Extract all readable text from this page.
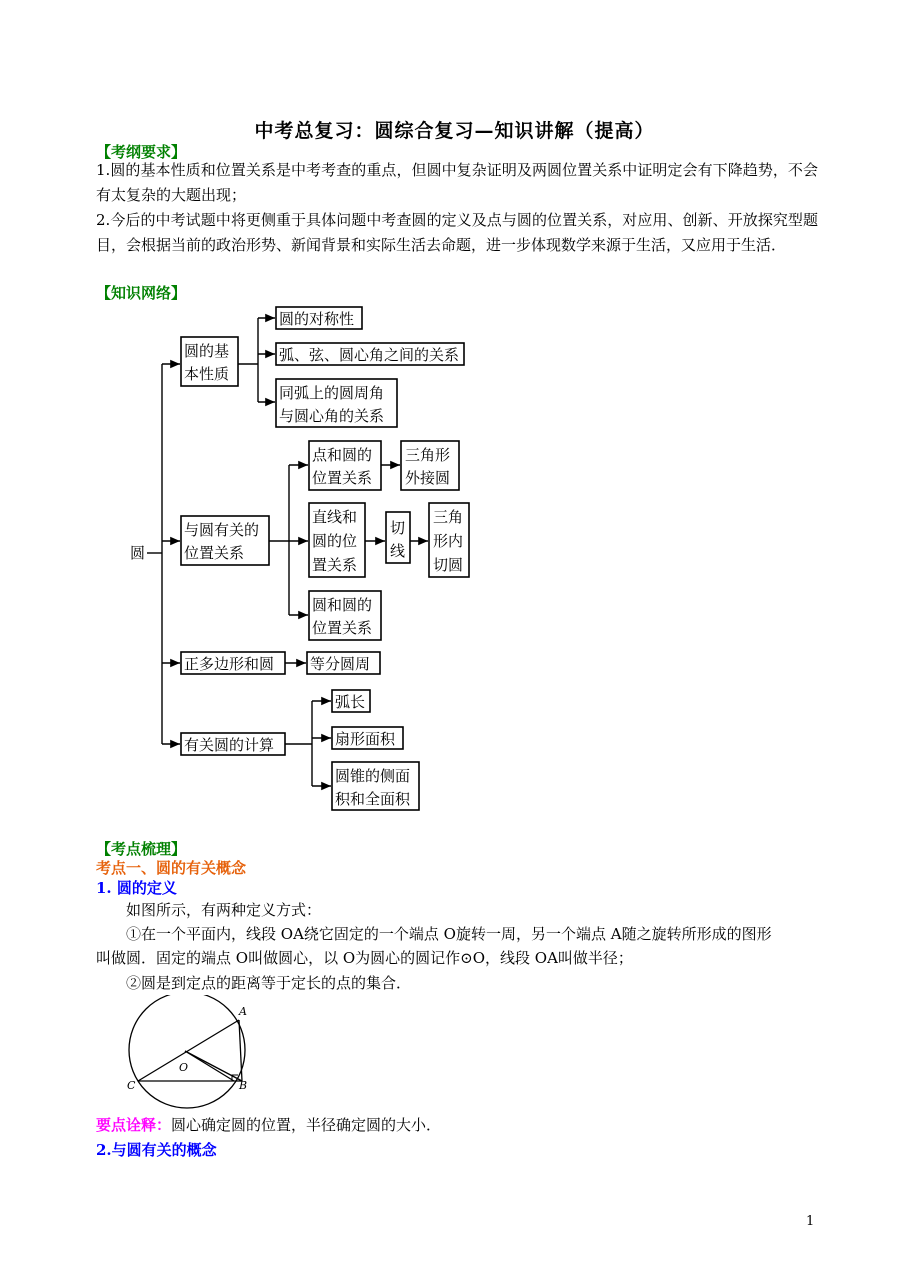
中考总复习：圆综合复习—知识讲解（提高）
【考纲要求】
1.圆的基本性质和位置关系是中考考查的重点，但圆中复杂证明及两圆位置关系中证明定会有下降趋势，不会有太复杂的大题出现；
2.今后的中考试题中将更侧重于具体问题中考查圆的定义及点与圆的位置关系，对应用、创新、开放探究型题目，会根据当前的政治形势、新闻背景和实际生活去命题，进一步体现数学来源于生活，又应用于生活．
【知识网络】
圆
圆的基
本性质
圆的对称性
弧、弦、圆心角之间的关系
同弧上的圆周角
与圆心角的关系
与圆有关的
位置关系
点和圆的
位置关系
三角形
外接圆
直线和
圆的位
置关系
切
线
三角
形内
切圆
圆和圆的
位置关系
正多边形和圆 等分圆周
有关圆的计算
弧长
扇形面积
圆锥的侧面
积和全面积
【考点梳理】
考点一、圆的有关概念
1. 圆的定义
如图所示，有两种定义方式：
①在一个平面内，线段 OA绕它固定的一个端点 O旋转一周，另一个端点 A随之旋转所形成的图形
叫做圆．固定的端点 O叫做圆心，以 O为圆心的圆记作⊙O，线段 OA叫做半径；
②圆是到定点的距离等于定长的点的集合．
A
B
C
O
要点诠释：圆心确定圆的位置，半径确定圆的大小．
2.与圆有关的概念
1
